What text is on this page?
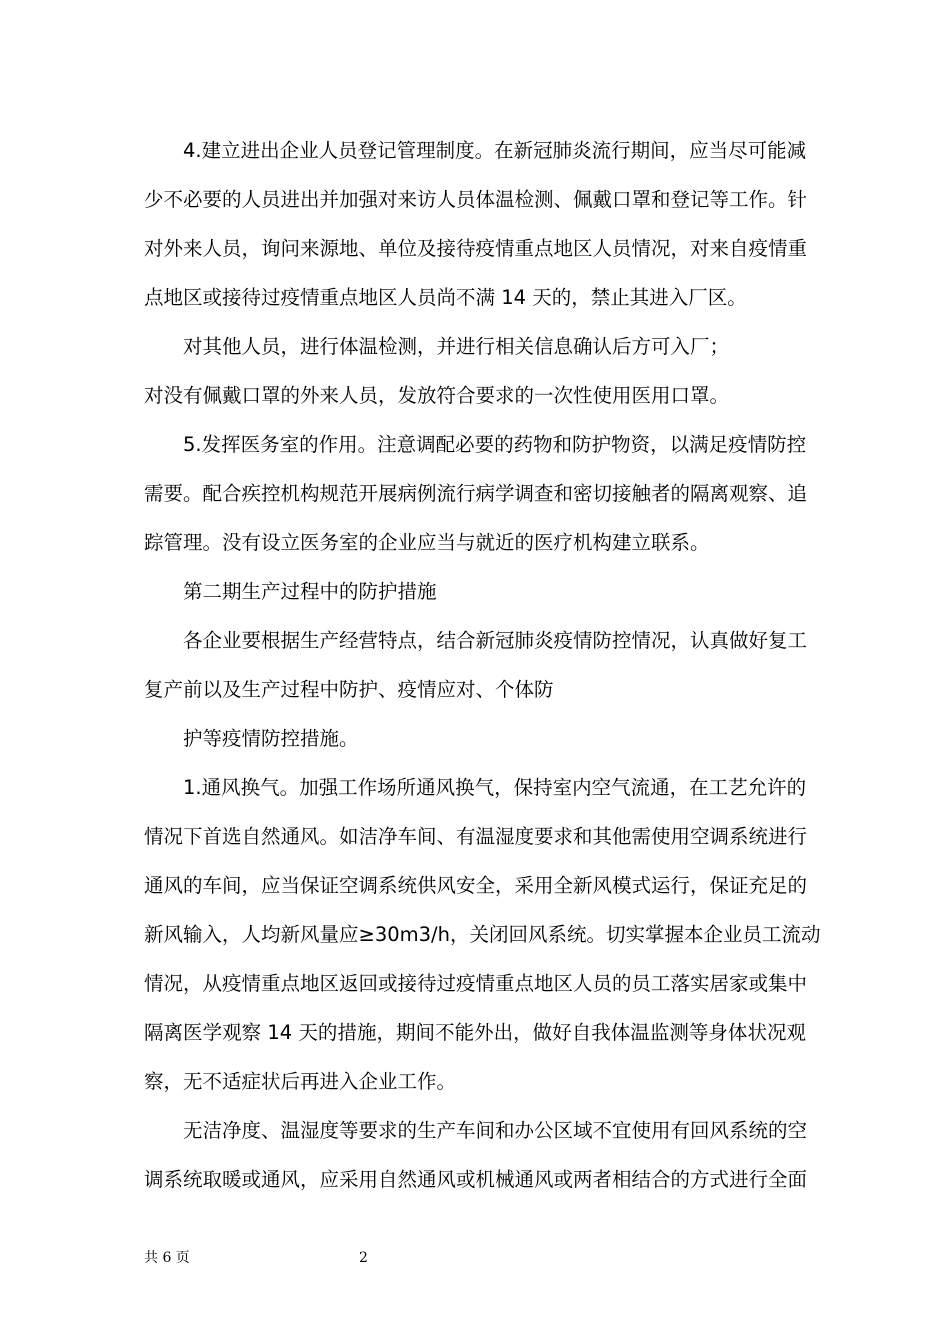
4.建立进出企业人员登记管理制度。在新冠肺炎流行期间，应当尽可能减
少不必要的人员进出并加强对来访人员体温检测、佩戴口罩和登记等工作。针
对外来人员，询问来源地、单位及接待疫情重点地区人员情况，对来自疫情重
点地区或接待过疫情重点地区人员尚不满 14 天的，禁止其进入厂区。
对其他人员，进行体温检测，并进行相关信息确认后方可入厂；
对没有佩戴口罩的外来人员，发放符合要求的一次性使用医用口罩。
5.发挥医务室的作用。注意调配必要的药物和防护物资，以满足疫情防控
需要。配合疾控机构规范开展病例流行病学调查和密切接触者的隔离观察、追
踪管理。没有设立医务室的企业应当与就近的医疗机构建立联系。
第二期生产过程中的防护措施
各企业要根据生产经营特点，结合新冠肺炎疫情防控情况，认真做好复工
复产前以及生产过程中防护、疫情应对、个体防
护等疫情防控措施。
1.通风换气。加强工作场所通风换气，保持室内空气流通，在工艺允许的
情况下首选自然通风。如洁净车间、有温湿度要求和其他需使用空调系统进行
通风的车间，应当保证空调系统供风安全，采用全新风模式运行，保证充足的
新风输入，人均新风量应≥30m3/h，关闭回风系统。切实掌握本企业员工流动
情况，从疫情重点地区返回或接待过疫情重点地区人员的员工落实居家或集中
隔离医学观察 14 天的措施，期间不能外出，做好自我体温监测等身体状况观
察，无不适症状后再进入企业工作。
无洁净度、温湿度等要求的生产车间和办公区域不宜使用有回风系统的空
调系统取暖或通风，应采用自然通风或机械通风或两者相结合的方式进行全面
共 6 页	2
